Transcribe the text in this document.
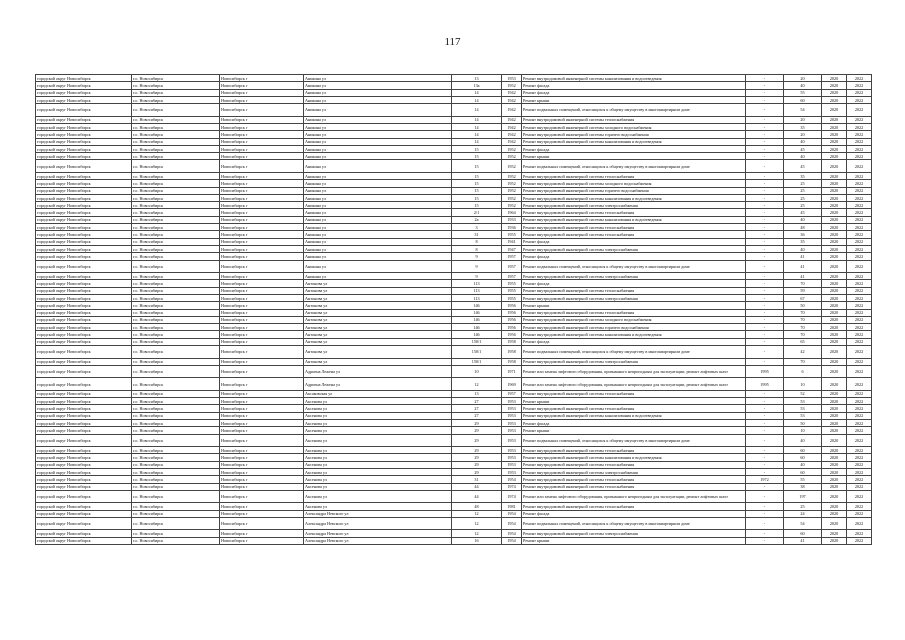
117
городской округ Новосибирск	г.о. Новосибирск	Новосибирск г	Аникина ул	13	1953	Ремонт внутридомовой инженерной системы канализования и водоотведения	-	20	2020	2022
городской округ Новосибирск	г.о. Новосибирск	Новосибирск г	Аникина ул	13а	1952	Ремонт фасада	-	40	2020	2022
городской округ Новосибирск	г.о. Новосибирск	Новосибирск г	Аникина ул	14	1942	Ремонт фасада	-	55	2020	2022
городской округ Новосибирск	г.о. Новосибирск	Новосибирск г	Аникина ул	14	1942	Ремонт крыши	-	60	2020	2022
городской округ Новосибирск	г.о. Новосибирск	Новосибирск г	Аникина ул	14	1942	Ремонт подвальных помещений, относящихся к общему имуществу в многоквартирном доме	-	54	2020	2022
городской округ Новосибирск	г.о. Новосибирск	Новосибирск г	Аникина ул	14	1942	Ремонт внутридомовой инженерной системы теплоснабжения	-	20	2020	2022
городской округ Новосибирск	г.о. Новосибирск	Новосибирск г	Аникина ул	14	1942	Ремонт внутридомовой инженерной системы холодного водоснабжения	-	35	2020	2022
городской округ Новосибирск	г.о. Новосибирск	Новосибирск г	Аникина ул	14	1942	Ремонт внутридомовой инженерной системы горячего водоснабжения	-	20	2020	2022
городской округ Новосибирск	г.о. Новосибирск	Новосибирск г	Аникина ул	14	1942	Ремонт внутридомовой инженерной системы канализования и водоотведения	-	40	2020	2022
городской округ Новосибирск	г.о. Новосибирск	Новосибирск г	Аникина ул	15	1952	Ремонт фасада	-	45	2020	2022
городской округ Новосибирск	г.о. Новосибирск	Новосибирск г	Аникина ул	15	1952	Ремонт крыши	-	40	2020	2022
городской округ Новосибирск	г.о. Новосибирск	Новосибирск г	Аникина ул	15	1952	Ремонт подвальных помещений, относящихся к общему имуществу в многоквартирном доме	-	45	2020	2022
городской округ Новосибирск	г.о. Новосибирск	Новосибирск г	Аникина ул	15	1952	Ремонт внутридомовой инженерной системы теплоснабжения	-	35	2020	2022
городской округ Новосибирск	г.о. Новосибирск	Новосибирск г	Аникина ул	15	1952	Ремонт внутридомовой инженерной системы холодного водоснабжения	-	25	2020	2022
городской округ Новосибирск	г.о. Новосибирск	Новосибирск г	Аникина ул	15	1952	Ремонт внутридомовой инженерной системы горячего водоснабжения	-	25	2020	2022
городской округ Новосибирск	г.о. Новосибирск	Новосибирск г	Аникина ул	15	1952	Ремонт внутридомовой инженерной системы канализования и водоотведения	-	25	2020	2022
городской округ Новосибирск	г.о. Новосибирск	Новосибирск г	Аникина ул	15	1952	Ремонт внутридомовой инженерной системы электроснабжения	-	25	2020	2022
городской округ Новосибирск	г.о. Новосибирск	Новосибирск г	Аникина ул	2/1	1964	Ремонт внутридомовой инженерной системы теплоснабжения	-	45	2020	2022
городской округ Новосибирск	г.о. Новосибирск	Новосибирск г	Аникина ул	2а	1933	Ремонт внутридомовой инженерной системы канализования и водоотведения	-	40	2020	2022
городской округ Новосибирск	г.о. Новосибирск	Новосибирск г	Аникина ул	3	1936	Ремонт внутридомовой инженерной системы теплоснабжения	-	48	2020	2022
городской округ Новосибирск	г.о. Новосибирск	Новосибирск г	Аникина ул	31	1955	Ремонт внутридомовой инженерной системы теплоснабжения	-	36	2020	2022
городской округ Новосибирск	г.о. Новосибирск	Новосибирск г	Аникина ул	8	1941	Ремонт фасада	-	35	2020	2022
городской округ Новосибирск	г.о. Новосибирск	Новосибирск г	Аникина ул	8	1947	Ремонт внутридомовой инженерной системы электроснабжения	-	40	2020	2022
городской округ Новосибирск	г.о. Новосибирск	Новосибирск г	Аникина ул	9	1957	Ремонт фасада	-	41	2020	2022
городской округ Новосибирск	г.о. Новосибирск	Новосибирск г	Аникина ул	9	1957	Ремонт подвальных помещений, относящихся к общему имуществу в многоквартирном доме	-	41	2020	2022
городской округ Новосибирск	г.о. Новосибирск	Новосибирск г	Аникина ул	9	1957	Ремонт внутридомовой инженерной системы электроснабжения	-	41	2020	2022
городской округ Новосибирск	г.о. Новосибирск	Новосибирск г	Антонова ул	113	1955	Ремонт фасада	-	70	2020	2022
городской округ Новосибирск	г.о. Новосибирск	Новосибирск г	Антонова ул	113	1955	Ремонт внутридомовой инженерной системы теплоснабжения	-	59	2020	2022
городской округ Новосибирск	г.о. Новосибирск	Новосибирск г	Антонова ул	113	1955	Ремонт внутридомовой инженерной системы электроснабжения	-	67	2020	2022
городской округ Новосибирск	г.о. Новосибирск	Новосибирск г	Антонова ул	146	1956	Ремонт крыши	-	50	2020	2022
городской округ Новосибирск	г.о. Новосибирск	Новосибирск г	Антонова ул	146	1956	Ремонт внутридомовой инженерной системы теплоснабжения	-	70	2020	2022
городской округ Новосибирск	г.о. Новосибирск	Новосибирск г	Антонова ул	146	1956	Ремонт внутридомовой инженерной системы холодного водоснабжения	-	70	2020	2022
городской округ Новосибирск	г.о. Новосибирск	Новосибирск г	Антонова ул	146	1956	Ремонт внутридомовой инженерной системы горячего водоснабжения	-	70	2020	2022
городской округ Новосибирск	г.о. Новосибирск	Новосибирск г	Антонова ул	146	1956	Ремонт внутридомовой инженерной системы канализования и водоотведения	-	70	2020	2022
городской округ Новосибирск	г.о. Новосибирск	Новосибирск г	Антонова ул	150/1	1958	Ремонт фасада	-	65	2020	2022
городской округ Новосибирск	г.о. Новосибирск	Новосибирск г	Антонова ул	150/1	1958	Ремонт подвальных помещений, относящихся к общему имуществу в многоквартирном доме	-	42	2020	2022
городской округ Новосибирск	г.о. Новосибирск	Новосибирск г	Антонова ул	150/1	1958	Ремонт внутридомовой инженерной системы электроснабжения	-	70	2020	2022
городской округ Новосибирск	г.о. Новосибирск	Новосибирск г	Адриена Лежена ул	10	1971	Ремонт или замена лифтового оборудования, признанного непригодным для эксплуатации, ремонт лифтовых шахт	1995	6	2020	2022
городской округ Новосибирск	г.о. Новосибирск	Новосибирск г	Адриена Лежена ул	12	1969	Ремонт или замена лифтового оборудования, признанного непригодным для эксплуатации, ремонт лифтовых шахт	1995	10	2020	2022
городской округ Новосибирск	г.о. Новосибирск	Новосибирск г	Аксаковская ул	13	1957	Ремонт внутридомовой инженерной системы теплоснабжения	-	52	2020	2022
городской округ Новосибирск	г.о. Новосибирск	Новосибирск г	Аксенова ул	27	1953	Ремонт крыши	-	53	2020	2022
городской округ Новосибирск	г.о. Новосибирск	Новосибирск г	Аксенова ул	27	1953	Ремонт внутридомовой инженерной системы теплоснабжения	-	53	2020	2022
городской округ Новосибирск	г.о. Новосибирск	Новосибирск г	Аксенова ул	27	1953	Ремонт внутридомовой инженерной системы канализования и водоотведения	-	53	2020	2022
городской округ Новосибирск	г.о. Новосибирск	Новосибирск г	Аксенова ул	29	1953	Ремонт фасада	-	50	2020	2022
городской округ Новосибирск	г.о. Новосибирск	Новосибирск г	Аксенова ул	29	1953	Ремонт крыши	-	10	2020	2022
городской округ Новосибирск	г.о. Новосибирск	Новосибирск г	Аксенова ул	29	1953	Ремонт подвальных помещений, относящихся к общему имуществу в многоквартирном доме	-	40	2020	2022
городской округ Новосибирск	г.о. Новосибирск	Новосибирск г	Аксенова ул	29	1953	Ремонт внутридомовой инженерной системы теплоснабжения	-	60	2020	2022
городской округ Новосибирск	г.о. Новосибирск	Новосибирск г	Аксенова ул	29	1953	Ремонт внутридомовой инженерной системы канализования и водоотведения	-	60	2020	2022
городской округ Новосибирск	г.о. Новосибирск	Новосибирск г	Аксенова ул	29	1953	Ремонт внутридомовой инженерной системы теплоснабжения	-	40	2020	2022
городской округ Новосибирск	г.о. Новосибирск	Новосибирск г	Аксенова ул	29	1953	Ремонт внутридомовой инженерной системы электроснабжения	-	60	2020	2022
городской округ Новосибирск	г.о. Новосибирск	Новосибирск г	Аксенова ул	31	1954	Ремонт внутридомовой инженерной системы теплоснабжения	1972	55	2020	2022
городской округ Новосибирск	г.о. Новосибирск	Новосибирск г	Аксенова ул	44	1974	Ремонт внутридомовой инженерной системы теплоснабжения	-	38	2020	2022
городской округ Новосибирск	г.о. Новосибирск	Новосибирск г	Аксенова ул	44	1974	Ремонт или замена лифтового оборудования, признанного непригодным для эксплуатации, ремонт лифтовых шахт	-	197	2020	2022
городской округ Новосибирск	г.о. Новосибирск	Новосибирск г	Аксенова ул	48	1981	Ремонт внутридомовой инженерной системы теплоснабжения	-	25	2020	2022
городской округ Новосибирск	г.о. Новосибирск	Новосибирск г	Александра Невского ул	12	1954	Ремонт фасада	-	24	2020	2022
городской округ Новосибирск	г.о. Новосибирск	Новосибирск г	Александра Невского ул	12	1954	Ремонт подвальных помещений, относящихся к общему имуществу в многоквартирном доме	-	54	2020	2022
городской округ Новосибирск	г.о. Новосибирск	Новосибирск г	Александра Невского ул	12	1954	Ремонт внутридомовой инженерной системы электроснабжения	-	60	2020	2022
городской округ Новосибирск	г.о. Новосибирск	Новосибирск г	Александра Невского ул	16	1954	Ремонт крыши	-	41	2020	2022
